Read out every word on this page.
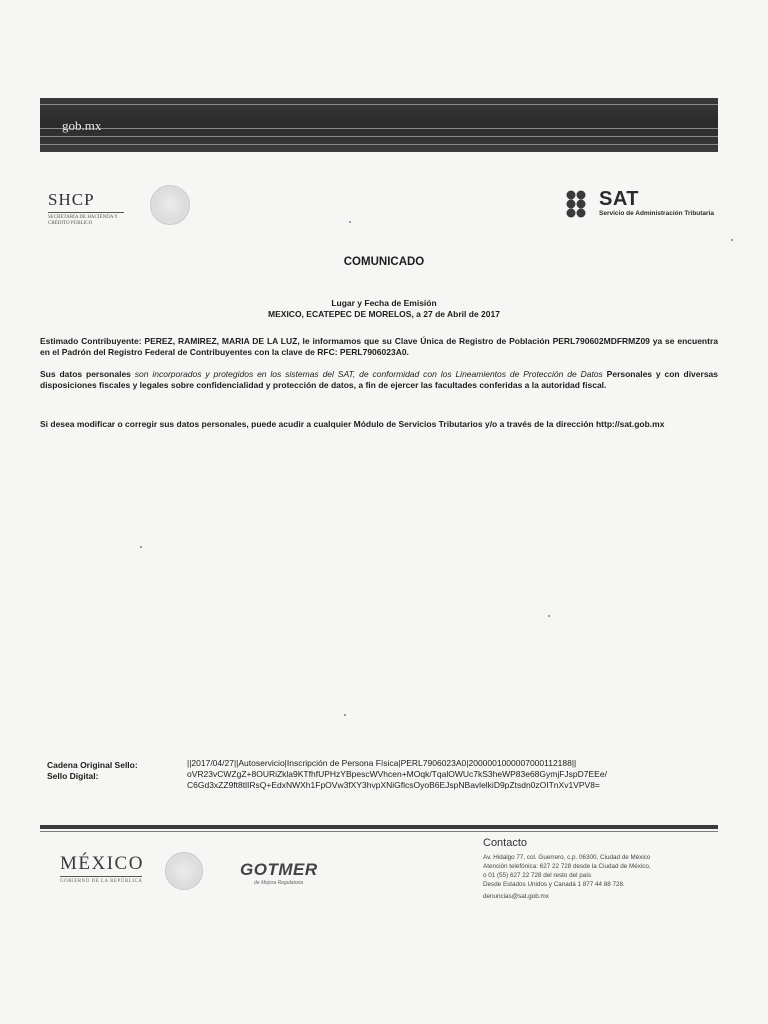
gob.mx
SHCP
SECRETARÍA DE HACIENDA Y CRÉDITO PÚBLICO
SAT
Servicio de Administración Tributaria
COMUNICADO
Lugar y Fecha de Emisión
MEXICO, ECATEPEC DE MORELOS, a 27 de Abril de 2017
Estimado Contribuyente: PEREZ, RAMIREZ, MARIA DE LA LUZ, le informamos que su Clave Única de Registro de Población PERL790602MDFRMZ09 ya se encuentra en el Padrón del Registro Federal de Contribuyentes con la clave de RFC: PERL7906023A0.
Sus datos personales son incorporados y protegidos en los sistemas del SAT, de conformidad con los Lineamientos de Protección de Datos Personales y con diversas disposiciones fiscales y legales sobre confidencialidad y protección de datos, a fin de ejercer las facultades conferidas a la autoridad fiscal.
Si desea modificar o corregir sus datos personales, puede acudir a cualquier Módulo de Servicios Tributarios y/o a través de la dirección http://sat.gob.mx
Cadena Original Sello:
Sello Digital:
||2017/04/27||Autoservicio|Inscripción de Persona Física|PERL7906023A0|20000010000070001121​88||
oVR23vCWZgZ+8OURiZkla9KTfhfUPHzYBpescWVhcen+MOqk/TqalOWUc7kS3heWP83e68GymjFJspD7EEe/
C6Gd3xZZ9ft8tlIRsQ+EdxNWXh1FpOVw3fXY3hvpXNiGflcsOyoB6EJspNBavlelkiD9pZtsdn0zOITnXv1VPV8=
MÉXICO
GOBIERNO DE LA REPÚBLICA
GOTMER
de Mejora Regulatoria
Contacto
Av. Hidalgo 77, col. Guerrero, c.p. 06300, Ciudad de México
Atención telefónica: 627 22 728 desde la Ciudad de México,
o 01 (55) 627 22 728 del resto del país
Desde Estados Unidos y Canadá 1 877 44 88 728.
denuncias@sat.gob.mx
